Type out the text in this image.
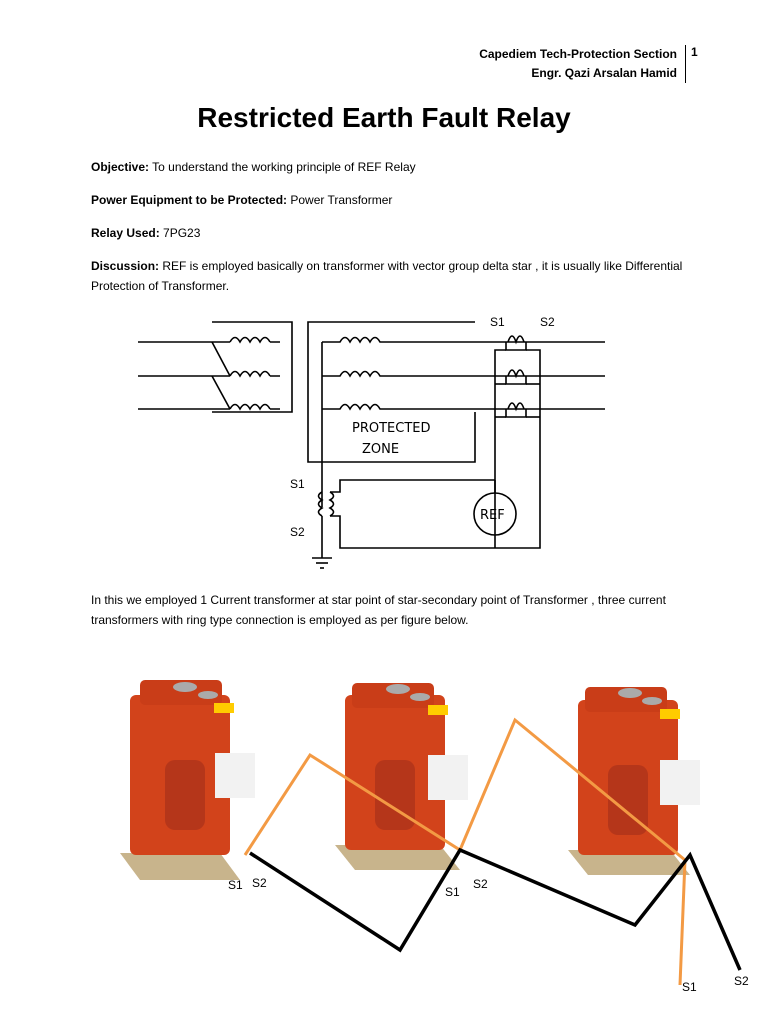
Capediem Tech-Protection Section
Engr. Qazi Arsalan Hamid
1
Restricted Earth Fault Relay
Objective: To understand the working principle of REF Relay
Power Equipment to be Protected: Power Transformer
Relay Used: 7PG23
Discussion: REF is employed basically on transformer with vector group delta star , it is usually like Differential Protection of Transformer.
PROTECTED
ZONE
REF
S1
S2
S1	S2
In this we employed 1 Current transformer at star point of star-secondary point of Transformer , three current transformers with ring type connection is employed as per figure below.
S1 S2
S1
S2
S1	S2
